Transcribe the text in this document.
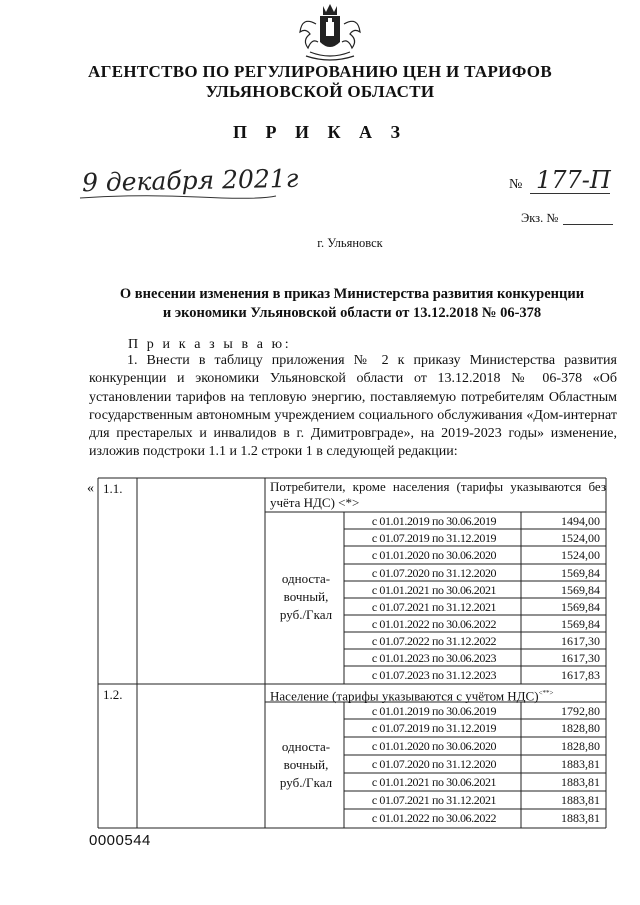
АГЕНТСТВО ПО РЕГУЛИРОВАНИЮ ЦЕН И ТАРИФОВ
УЛЬЯНОВСКОЙ ОБЛАСТИ
П Р И К А З
9 декабря 2021г	№ 177-П
Экз. №
г. Ульяновск
О внесении изменения в приказ Министерства развития конкуренции
и экономики Ульяновской области от 13.12.2018 № 06-378
П р и к а з ы в а ю:
1. Внести в таблицу приложения № 2 к приказу Министерства развития конкуренции и экономики Ульяновской области от 13.12.2018 № 06-378 «Об установлении тарифов на тепловую энергию, поставляемую потребителям Областным государственным автономным учреждением социального обслуживания «Дом-интернат для престарелых и инвалидов в г. Димитровграде», на 2019-2023 годы» изменение, изложив подстроки 1.1 и 1.2 строки 1 в следующей редакции:
« 1.1.	Потребители, кроме населения (тарифы указываются без учёта НДС) <*>
односта-
вочный,
руб./Гкал
с 01.01.2019 по 30.06.2019	1494,00
с 01.07.2019 по 31.12.2019	1524,00
с 01.01.2020 по 30.06.2020	1524,00
с 01.07.2020 по 31.12.2020	1569,84
с 01.01.2021 по 30.06.2021	1569,84
с 01.07.2021 по 31.12.2021	1569,84
с 01.01.2022 по 30.06.2022	1569,84
с 01.07.2022 по 31.12.2022	1617,30
с 01.01.2023 по 30.06.2023	1617,30
с 01.07.2023 по 31.12.2023	1617,83
1.2.	Население (тарифы указываются с учётом НДС)<**>
односта-
вочный,
руб./Гкал
с 01.01.2019 по 30.06.2019	1792,80
с 01.07.2019 по 31.12.2019	1828,80
с 01.01.2020 по 30.06.2020	1828,80
с 01.07.2020 по 31.12.2020	1883,81
с 01.01.2021 по 30.06.2021	1883,81
с 01.07.2021 по 31.12.2021	1883,81
с 01.01.2022 по 30.06.2022	1883,81
0000544
